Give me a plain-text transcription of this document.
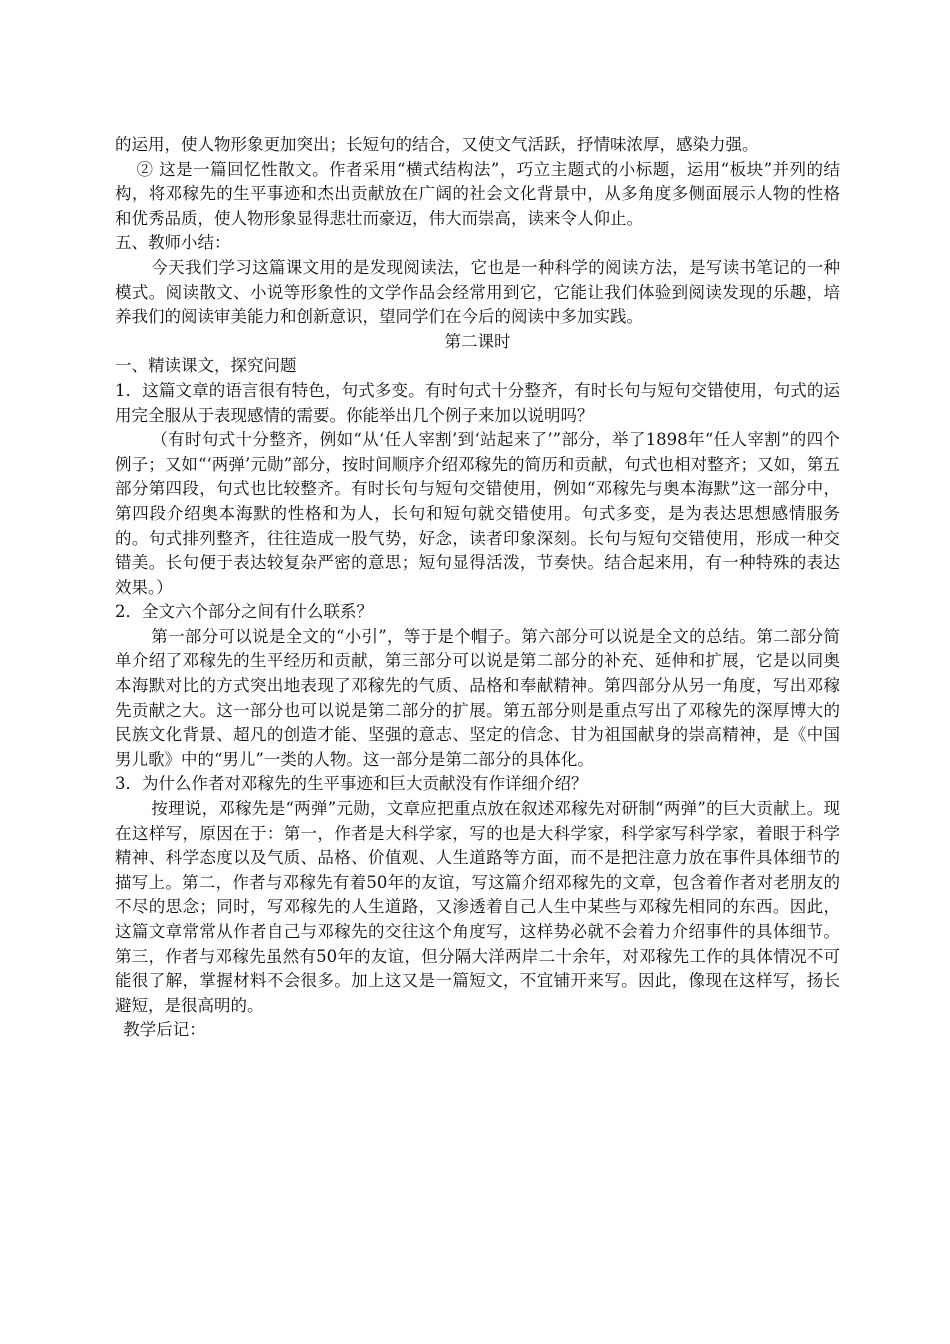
的运用，使人物形象更加突出；长短句的结合，又使文气活跃，抒情味浓厚，感染力强。

② 这是一篇回忆性散文。作者采用“横式结构法”，巧立主题式的小标题，运用“板块”并列的结构，将邓稼先的生平事迹和杰出贡献放在广阔的社会文化背景中，从多角度多侧面展示人物的性格和优秀品质，使人物形象显得悲壮而豪迈，伟大而崇高，读来令人仰止。

五、教师小结：

今天我们学习这篇课文用的是发现阅读法，它也是一种科学的阅读方法，是写读书笔记的一种模式。阅读散文、小说等形象性的文学作品会经常用到它，它能让我们体验到阅读发现的乐趣，培养我们的阅读审美能力和创新意识，望同学们在今后的阅读中多加实践。

第二课时

一、精读课文，探究问题

1．这篇文章的语言很有特色，句式多变。有时句式十分整齐，有时长句与短句交错使用，句式的运用完全服从于表现感情的需要。你能举出几个例子来加以说明吗？

（有时句式十分整齐，例如“从‘任人宰割’到‘站起来了’”部分，举了1898年“任人宰割”的四个例子；又如“‘两弹’元勋”部分，按时间顺序介绍邓稼先的简历和贡献，句式也相对整齐；又如，第五部分第四段，句式也比较整齐。有时长句与短句交错使用，例如“邓稼先与奥本海默”这一部分中，第四段介绍奥本海默的性格和为人，长句和短句就交错使用。句式多变，是为表达思想感情服务的。句式排列整齐，往往造成一股气势，好念，读者印象深刻。长句与短句交错使用，形成一种交错美。长句便于表达较复杂严密的意思；短句显得活泼，节奏快。结合起来用，有一种特殊的表达效果。）

2．全文六个部分之间有什么联系？

第一部分可以说是全文的“小引”，等于是个帽子。第六部分可以说是全文的总结。第二部分简单介绍了邓稼先的生平经历和贡献，第三部分可以说是第二部分的补充、延伸和扩展，它是以同奥本海默对比的方式突出地表现了邓稼先的气质、品格和奉献精神。第四部分从另一角度，写出邓稼先贡献之大。这一部分也可以说是第二部分的扩展。第五部分则是重点写出了邓稼先的深厚博大的民族文化背景、超凡的创造才能、坚强的意志、坚定的信念、甘为祖国献身的崇高精神，是《中国男儿歌》中的“男儿”一类的人物。这一部分是第二部分的具体化。

3．为什么作者对邓稼先的生平事迹和巨大贡献没有作详细介绍？

按理说，邓稼先是“两弹”元勋，文章应把重点放在叙述邓稼先对研制“两弹”的巨大贡献上。现在这样写，原因在于：第一，作者是大科学家，写的也是大科学家，科学家写科学家，着眼于科学精神、科学态度以及气质、品格、价值观、人生道路等方面，而不是把注意力放在事件具体细节的描写上。第二，作者与邓稼先有着50年的友谊，写这篇介绍邓稼先的文章，包含着作者对老朋友的不尽的思念；同时，写邓稼先的人生道路，又渗透着自己人生中某些与邓稼先相同的东西。因此，这篇文章常常从作者自己与邓稼先的交往这个角度写，这样势必就不会着力介绍事件的具体细节。第三，作者与邓稼先虽然有50年的友谊，但分隔大洋两岸二十余年，对邓稼先工作的具体情况不可能很了解，掌握材料不会很多。加上这又是一篇短文，不宜铺开来写。因此，像现在这样写，扬长避短，是很高明的。

教学后记：
